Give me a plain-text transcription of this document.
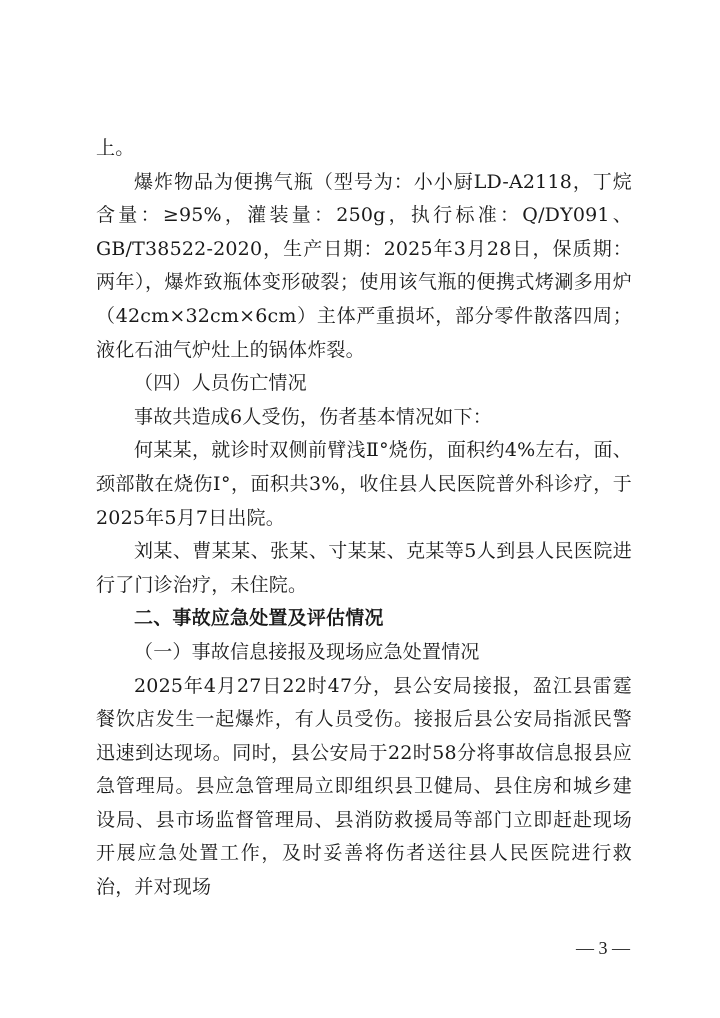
上。

爆炸物品为便携气瓶（型号为：小小厨LD-A2118，丁烷含量：≥95%，灌装量：250g，执行标准：Q/DY091、GB/T38522-2020，生产日期：2025年3月28日，保质期：两年），爆炸致瓶体变形破裂；使用该气瓶的便携式烤涮多用炉（42cm×32cm×6cm）主体严重损坏，部分零件散落四周；液化石油气炉灶上的锅体炸裂。

（四）人员伤亡情况

事故共造成6人受伤，伤者基本情况如下：

何某某，就诊时双侧前臂浅Ⅱ°烧伤，面积约4%左右，面、颈部散在烧伤Ⅰ°，面积共3%，收住县人民医院普外科诊疗，于2025年5月7日出院。

刘某、曹某某、张某、寸某某、克某等5人到县人民医院进行了门诊治疗，未住院。

二、事故应急处置及评估情况

（一）事故信息接报及现场应急处置情况

2025年4月27日22时47分，县公安局接报，盈江县雷霆餐饮店发生一起爆炸，有人员受伤。接报后县公安局指派民警迅速到达现场。同时，县公安局于22时58分将事故信息报县应急管理局。县应急管理局立即组织县卫健局、县住房和城乡建设局、县市场监督管理局、县消防救援局等部门立即赶赴现场开展应急处置工作，及时妥善将伤者送往县人民医院进行救治，并对现场

— 3 —
